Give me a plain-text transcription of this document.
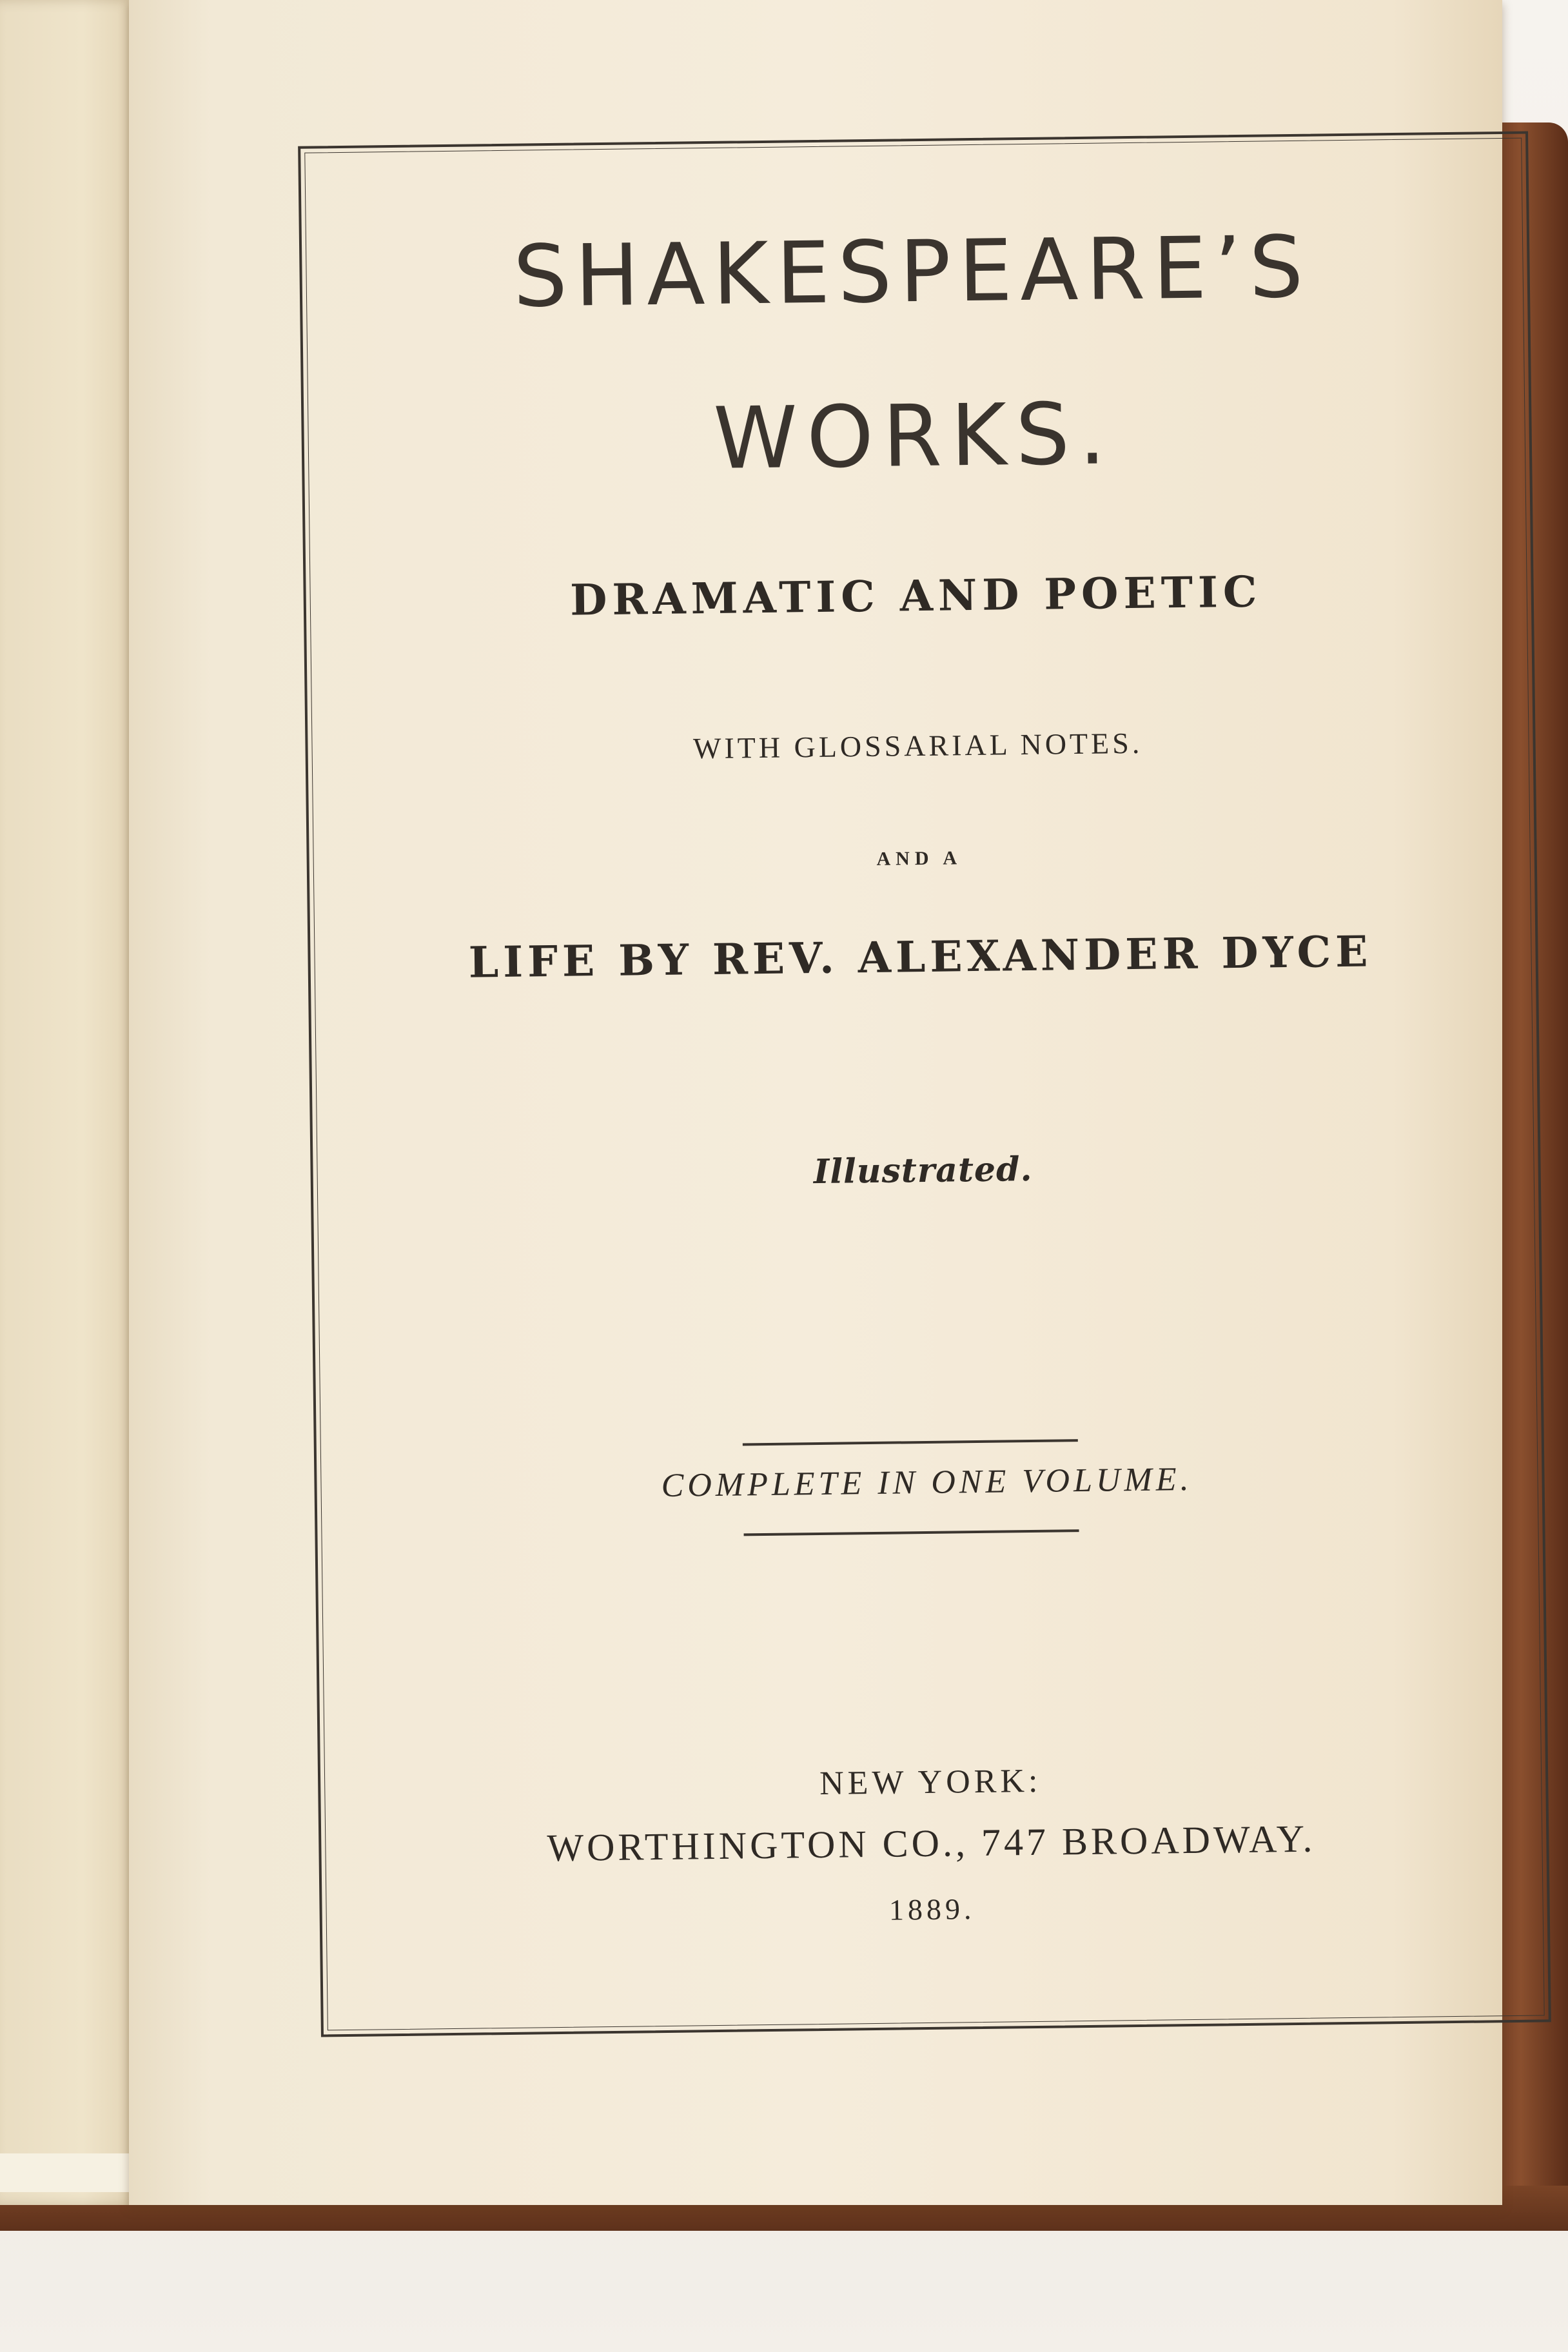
SHAKESPEARE’S
WORKS.
DRAMATIC AND POETIC
WITH GLOSSARIAL NOTES.
AND A
LIFE BY REV. ALEXANDER DYCE
Illustrated.
COMPLETE IN ONE VOLUME.
NEW YORK:
WORTHINGTON CO., 747 BROADWAY.
1889.
